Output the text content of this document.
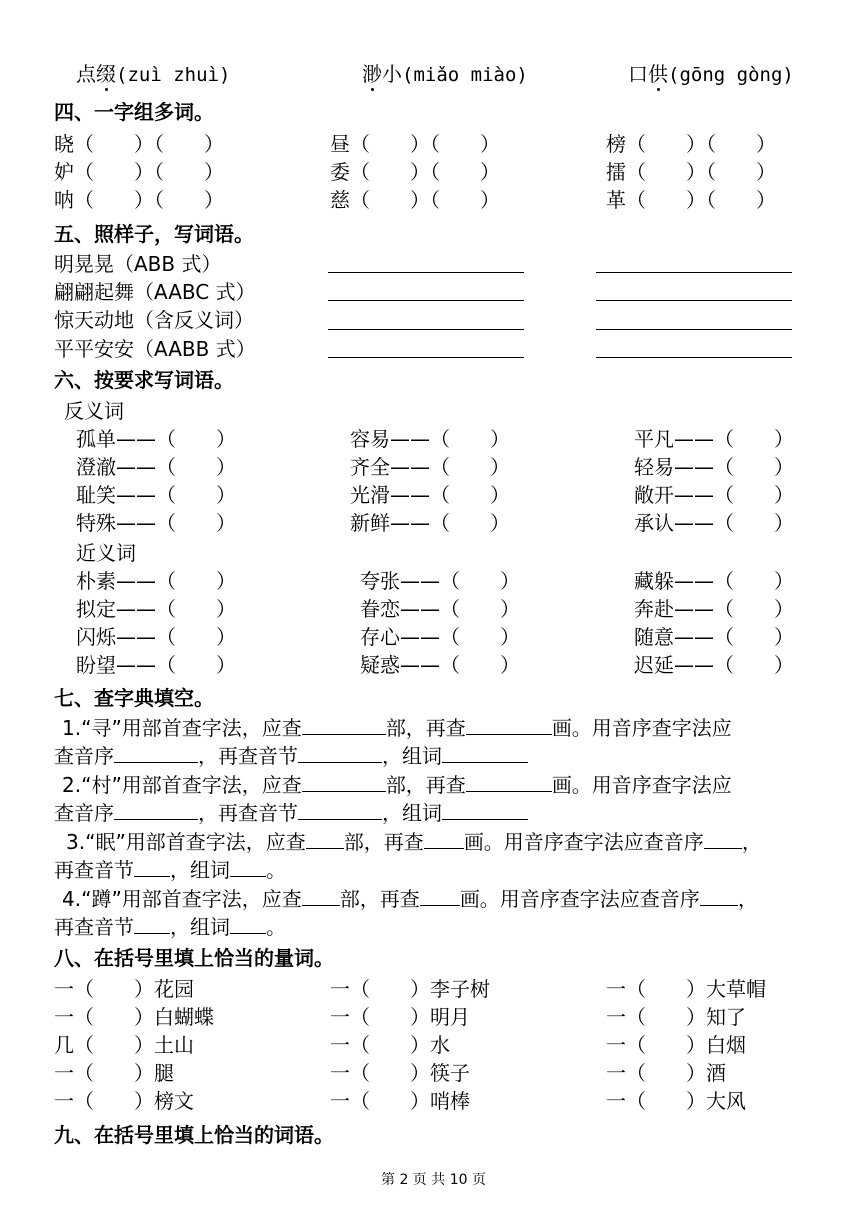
点缀(zuì zhuì)	渺小(miǎo miào)	口供(gōng gòng)
四、一字组多词。
晓（　　）（　　）	昼（　　）（　　）	榜（　　）（　　）
妒（　　）（　　）	委（　　）（　　）	擂（　　）（　　）
呐（　　）（　　）	慈（　　）（　　）	革（　　）（　　）
五、照样子，写词语。
明晃晃（ABB 式）
翩翩起舞（AABC 式）
惊天动地（含反义词）
平平安安（AABB 式）
六、按要求写词语。
反义词
孤单——（　　）	容易——（　　）	平凡——（　　）
澄澈——（　　）	齐全——（　　）	轻易——（　　）
耻笑——（　　）	光滑——（　　）	敞开——（　　）
特殊——（　　）	新鲜——（　　）	承认——（　　）
近义词
朴素——（　　）	夸张——（　　）	藏躲——（　　）
拟定——（　　）	眷恋——（　　）	奔赴——（　　）
闪烁——（　　）	存心——（　　）	随意——（　　）
盼望——（　　）	疑惑——（　　）	迟延——（　　）
七、查字典填空。
1.“寻”用部首查字法，应查	部，再查	画。用音序查字法应
查音序	，再查音节	，组词
2.“村”用部首查字法，应查	部，再查	画。用音序查字法应
查音序	，再查音节	，组词
3.“眠”用部首查字法，应查 部，再查 画。用音序查字法应查音序 ，
再查音节 ，组词 。
4.“蹲”用部首查字法，应查 部，再查 画。用音序查字法应查音序 ，
再查音节 ，组词 。
八、在括号里填上恰当的量词。
一（　　）花园	一（　　）李子树	一（　　）大草帽
一（　　）白蝴蝶	一（　　）明月	一（　　）知了
几（　　）土山	一（　　）水	一（　　）白烟
一（　　）腿	一（　　）筷子	一（　　）酒
一（　　）榜文	一（　　）哨棒	一（　　）大风
九、在括号里填上恰当的词语。
第 2 页 共 10 页
